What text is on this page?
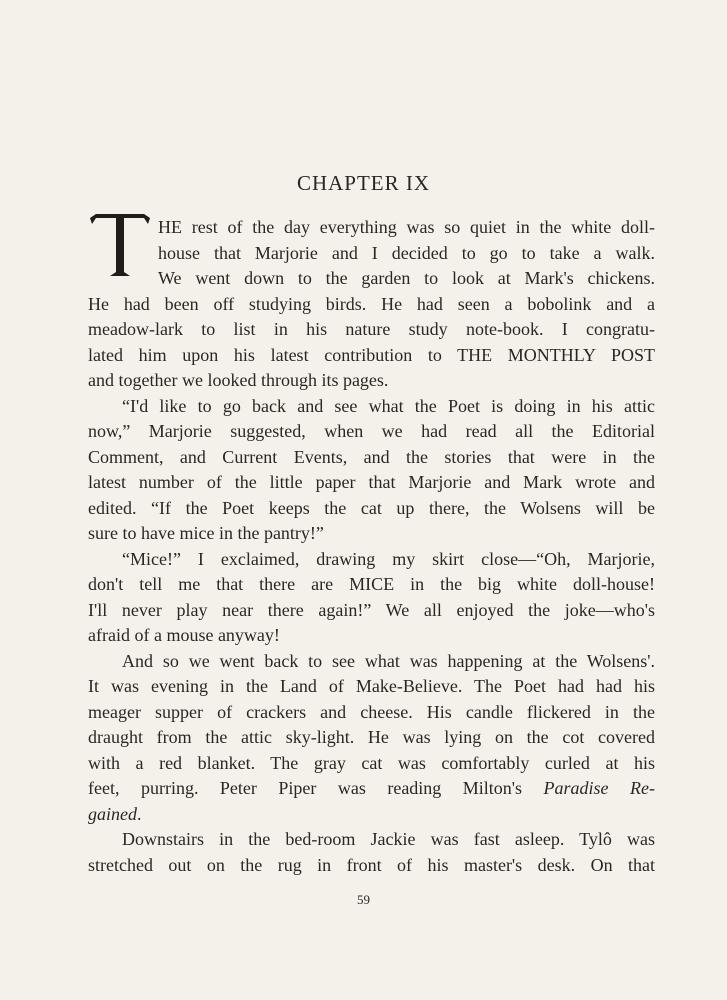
CHAPTER IX
HE rest of the day everything was so quiet in the white doll-
house that Marjorie and I decided to go to take a walk.
We went down to the garden to look at Mark's chickens.
He had been off studying birds. He had seen a bobolink and a
meadow-lark to list in his nature study note-book. I congratu-
lated him upon his latest contribution to THE MONTHLY POST
and together we looked through its pages.
“I'd like to go back and see what the Poet is doing in his attic
now,” Marjorie suggested, when we had read all the Editorial
Comment, and Current Events, and the stories that were in the
latest number of the little paper that Marjorie and Mark wrote and
edited. “If the Poet keeps the cat up there, the Wolsens will be
sure to have mice in the pantry!”
“Mice!” I exclaimed, drawing my skirt close—“Oh, Marjorie,
don't tell me that there are MICE in the big white doll-house!
I'll never play near there again!” We all enjoyed the joke—who's
afraid of a mouse anyway!
And so we went back to see what was happening at the Wolsens'.
It was evening in the Land of Make-Believe. The Poet had had his
meager supper of crackers and cheese. His candle flickered in the
draught from the attic sky-light. He was lying on the cot covered
with a red blanket. The gray cat was comfortably curled at his
feet, purring. Peter Piper was reading Milton's Paradise Re-
gained.
Downstairs in the bed-room Jackie was fast asleep. Tylô was
stretched out on the rug in front of his master's desk. On that
59
